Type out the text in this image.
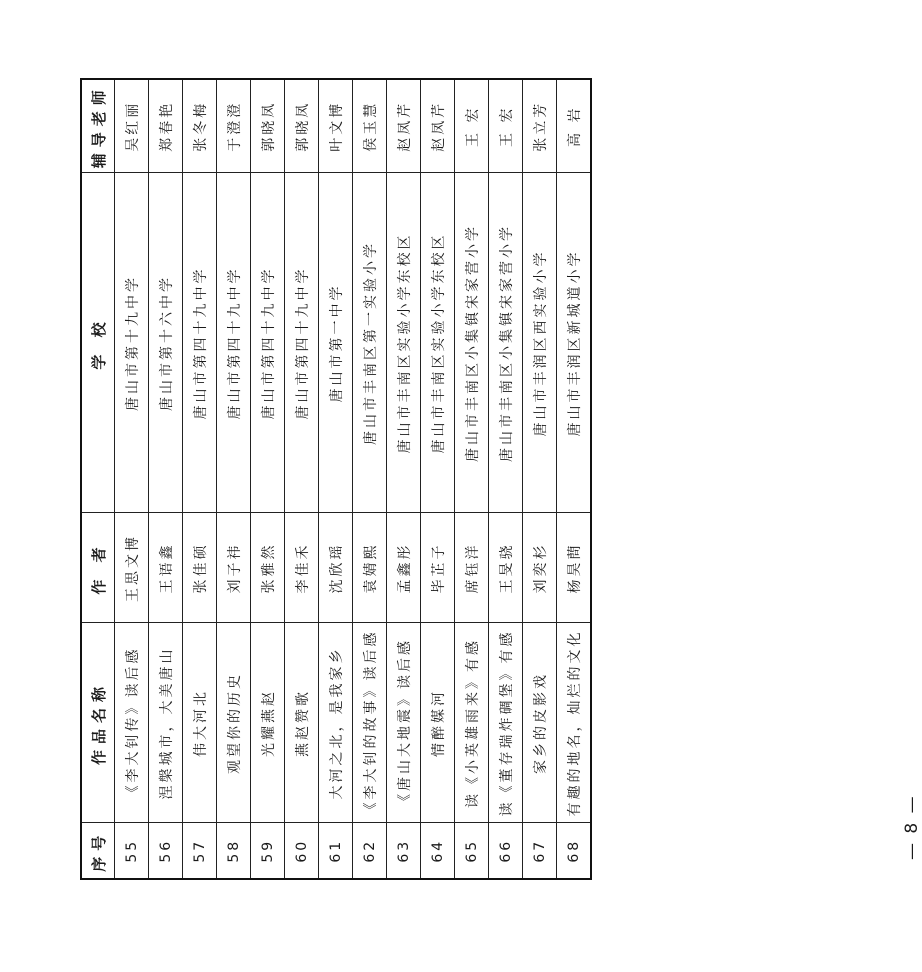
序号	作品名称	作 者	学 校	辅导老师
55	《李大钊传》读后感	王思文博	唐山市第十九中学	吴红丽
56	涅槃城市，大美唐山	王语鑫	唐山市第十六中学	郑春艳
57	伟大河北	张佳硕	唐山市第四十九中学	张冬梅
58	观望你的历史	刘子祎	唐山市第四十九中学	于澄澄
59	光耀燕赵	张雅然	唐山市第四十九中学	郭晓凤
60	燕赵赞歌	李佳禾	唐山市第四十九中学	郭晓凤
61	大河之北，是我家乡	沈欣瑶	唐山市第一中学	叶文博
62	《李大钊的故事》读后感	袁婧熙	唐山市丰南区第一实验小学	侯玉慧
63	《唐山大地震》读后感	孟鑫彤	唐山市丰南区实验小学东校区	赵凤芹
64	情醉媒河	毕芷子	唐山市丰南区实验小学东校区	赵凤芹
65	读《小英雄雨来》有感	席钰洋	唐山市丰南区小集镇宋家营小学	王 宏
66	读《董存瑞炸碉堡》有感	王旻骁	唐山市丰南区小集镇宋家营小学	王 宏
67	家乡的皮影戏	刘奕杉	唐山市丰润区西实验小学	张立芳
68	有趣的地名，灿烂的文化	杨昊蔄	唐山市丰润区新城道小学	高 岩
— 8 —
